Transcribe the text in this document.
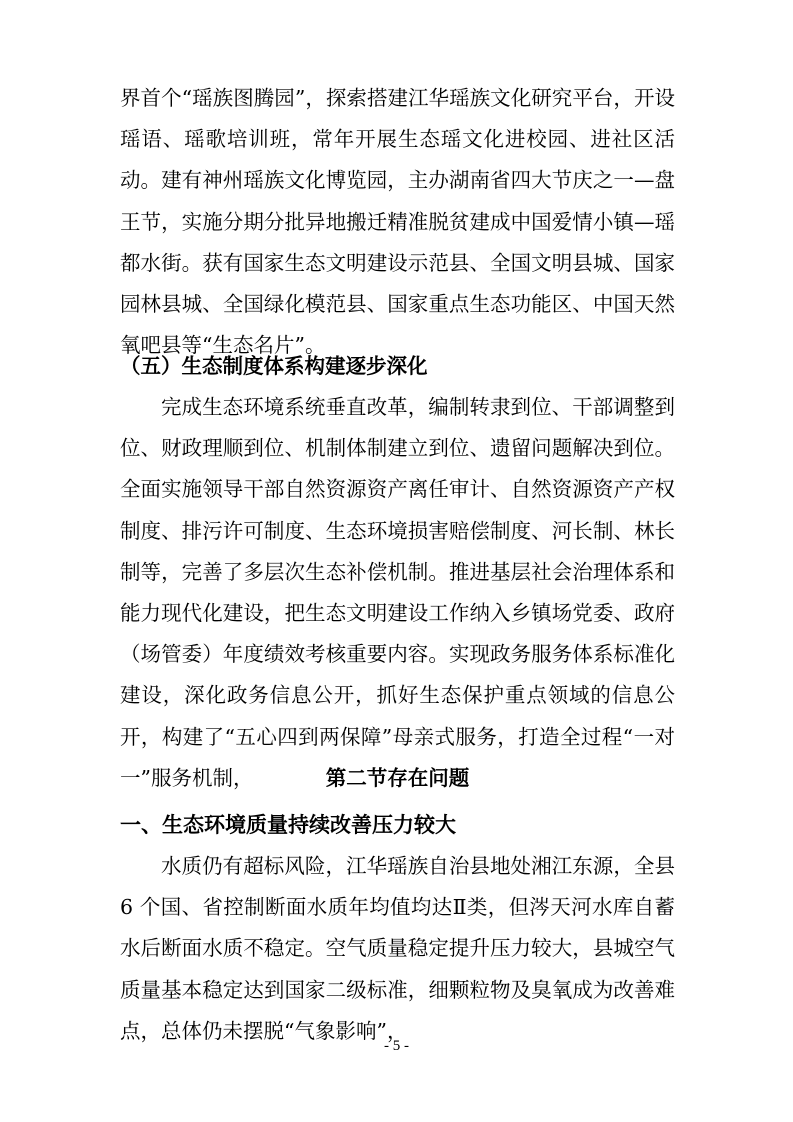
界首个“瑶族图腾园”，探索搭建江华瑶族文化研究平台，开设瑶语、瑶歌培训班，常年开展生态瑶文化进校园、进社区活动。建有神州瑶族文化博览园，主办湖南省四大节庆之一—盘王节，实施分期分批异地搬迁精准脱贫建成中国爱情小镇—瑶都水街。获有国家生态文明建设示范县、全国文明县城、国家园林县城、全国绿化模范县、国家重点生态功能区、中国天然氧吧县等“生态名片”。

（五）生态制度体系构建逐步深化

完成生态环境系统垂直改革，编制转隶到位、干部调整到位、财政理顺到位、机制体制建立到位、遗留问题解决到位。全面实施领导干部自然资源资产离任审计、自然资源资产产权制度、排污许可制度、生态环境损害赔偿制度、河长制、林长制等，完善了多层次生态补偿机制。推进基层社会治理体系和能力现代化建设，把生态文明建设工作纳入乡镇场党委、政府（场管委）年度绩效考核重要内容。实现政务服务体系标准化建设，深化政务信息公开，抓好生态保护重点领域的信息公开，构建了“五心四到两保障”母亲式服务，打造全过程“一对一”服务机制，	第二节存在问题
一、生态环境质量持续改善压力较大

水质仍有超标风险，江华瑶族自治县地处湘江东源，全县 6 个国、省控制断面水质年均值均达Ⅱ类，但涔天河水库自蓄水后断面水质不稳定。空气质量稳定提升压力较大，县城空气质量基本稳定达到国家二级标准，细颗粒物及臭氧成为改善难点，总体仍未摆脱“气象影响”，

- 5 -
